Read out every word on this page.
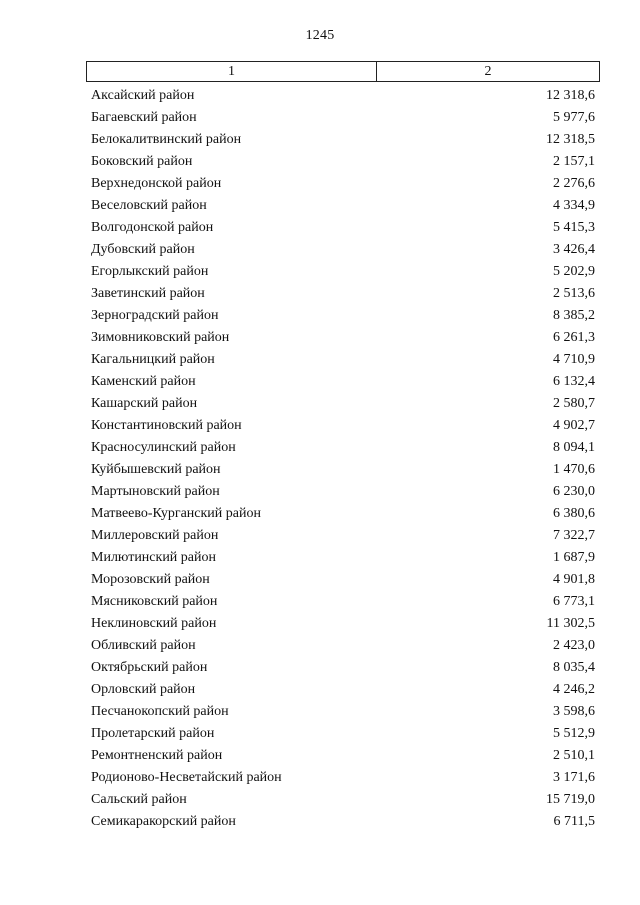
1245
1	2
Аксайский район	12 318,6
Багаевский район	5 977,6
Белокалитвинский район	12 318,5
Боковский район	2 157,1
Верхнедонской район	2 276,6
Веселовский район	4 334,9
Волгодонской район	5 415,3
Дубовский район	3 426,4
Егорлыкский район	5 202,9
Заветинский район	2 513,6
Зерноградский район	8 385,2
Зимовниковский район	6 261,3
Кагальницкий район	4 710,9
Каменский район	6 132,4
Кашарский район	2 580,7
Константиновский район	4 902,7
Красносулинский район	8 094,1
Куйбышевский район	1 470,6
Мартыновский район	6 230,0
Матвеево-Курганский район	6 380,6
Миллеровский район	7 322,7
Милютинский район	1 687,9
Морозовский район	4 901,8
Мясниковский район	6 773,1
Неклиновский район	11 302,5
Обливский район	2 423,0
Октябрьский район	8 035,4
Орловский район	4 246,2
Песчанокопский район	3 598,6
Пролетарский район	5 512,9
Ремонтненский район	2 510,1
Родионово-Несветайский район	3 171,6
Сальский район	15 719,0
Семикаракорский район	6 711,5
